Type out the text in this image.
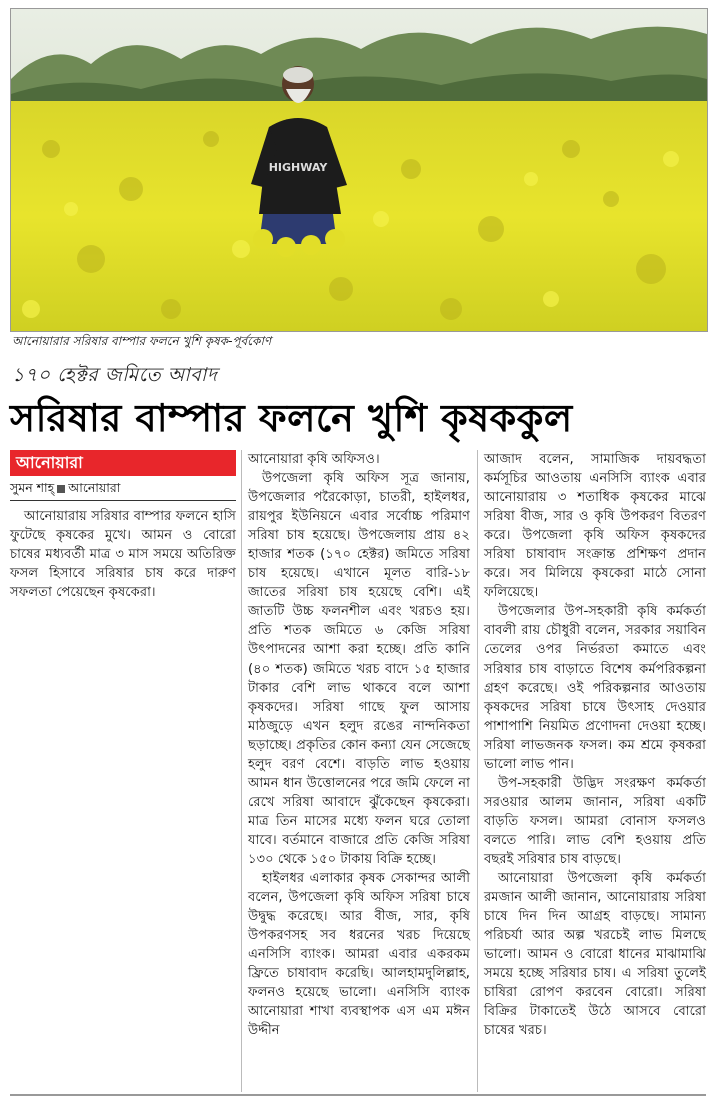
HIGHWAY
আনোয়ারার সরিষার বাম্পার ফলনে খুশি কৃষক-পূর্বকোণ
১৭০ হেক্টর জমিতে আবাদ
সরিষার বাম্পার ফলনে খুশি কৃষককুল
আনোয়ারা
সুমন শাহ্ আনোয়ারা

আনোয়ারায় সরিষার বাম্পার ফলনে হাসি ফুটেছে কৃষকের মুখে। আমন ও বোরো চাষের মধ্যবর্তী মাত্র ৩ মাস সময়ে অতিরিক্ত ফসল হিসাবে সরিষার চাষ করে দারুণ সফলতা পেয়েছেন কৃষকেরা।

আনোয়ারা কৃষি অফিসও।

উপজেলা কৃষি অফিস সূত্র জানায়, উপজেলার পরৈকোড়া, চাতরী, হাইলধর, রায়পুর ইউনিয়নে এবার সর্বোচ্চ পরিমাণ সরিষা চাষ হয়েছে। উপজেলায় প্রায় ৪২ হাজার শতক (১৭০ হেক্টর) জমিতে সরিষা চাষ হয়েছে। এখানে মূলত বারি-১৮ জাতের সরিষা চাষ হয়েছে বেশি। এই জাতটি উচ্চ ফলনশীল এবং খরচও হয়। প্রতি শতক জমিতে ৬ কেজি সরিষা উৎপাদনের আশা করা হচ্ছে। প্রতি কানি (৪০ শতক) জমিতে খরচ বাদে ১৫ হাজার টাকার বেশি লাভ থাকবে বলে আশা কৃষকদের। সরিষা গাছে ফুল আসায় মাঠজুড়ে এখন হলুদ রঙের নান্দনিকতা ছড়াচ্ছে। প্রকৃতির কোন কন্যা যেন সেজেছে হলুদ বরণ বেশে। বাড়তি লাভ হওয়ায় আমন ধান উত্তোলনের পরে জমি ফেলে না রেখে সরিষা আবাদে ঝুঁকেছেন কৃষকেরা। মাত্র তিন মাসের মধ্যে ফলন ঘরে তোলা যাবে। বর্তমানে বাজারে প্রতি কেজি সরিষা ১৩০ থেকে ১৫০ টাকায় বিক্রি হচ্ছে।

হাইলধর এলাকার কৃষক সেকান্দর আলী বলেন, উপজেলা কৃষি অফিস সরিষা চাষে উদ্বুদ্ধ করেছে। আর বীজ, সার, কৃষি উপকরণসহ সব ধরনের খরচ দিয়েছে এনসিসি ব্যাংক। আমরা এবার একরকম ফ্রিতে চাষাবাদ করেছি। আলহামদুলিল্লাহ, ফলনও হয়েছে ভালো। এনসিসি ব্যাংক আনোয়ারা শাখা ব্যবস্থাপক এস এম মঈন উদ্দীন

আজাদ বলেন, সামাজিক দায়বদ্ধতা কর্মসূচির আওতায় এনসিসি ব্যাংক এবার আনোয়ারায় ৩ শতাধিক কৃষকের মাঝে সরিষা বীজ, সার ও কৃষি উপকরণ বিতরণ করে। উপজেলা কৃষি অফিস কৃষকদের সরিষা চাষাবাদ সংক্রান্ত প্রশিক্ষণ প্রদান করে। সব মিলিয়ে কৃষকেরা মাঠে সোনা ফলিয়েছে।

উপজেলার উপ-সহকারী কৃষি কর্মকর্তা বাবলী রায় চৌধুরী বলেন, সরকার সয়াবিন তেলের ওপর নির্ভরতা কমাতে এবং সরিষার চাষ বাড়াতে বিশেষ কর্মপরিকল্পনা গ্রহণ করেছে। ওই পরিকল্পনার আওতায় কৃষকদের সরিষা চাষে উৎসাহ দেওয়ার পাশাপাশি নিয়মিত প্রণোদনা দেওয়া হচ্ছে। সরিষা লাভজনক ফসল। কম শ্রমে কৃষকরা ভালো লাভ পান।

উপ-সহকারী উদ্ভিদ সংরক্ষণ কর্মকর্তা সরওয়ার আলম জানান, সরিষা একটি বাড়তি ফসল। আমরা বোনাস ফসলও বলতে পারি। লাভ বেশি হওয়ায় প্রতি বছরই সরিষার চাষ বাড়ছে।

আনোয়ারা উপজেলা কৃষি কর্মকর্তা রমজান আলী জানান, আনোয়ারায় সরিষা চাষে দিন দিন আগ্রহ বাড়ছে। সামান্য পরিচর্যা আর অল্প খরচেই লাভ মিলছে ভালো। আমন ও বোরো ধানের মাঝামাঝি সময়ে হচ্ছে সরিষার চাষ। এ সরিষা তুলেই চাষিরা রোপণ করবেন বোরো। সরিষা বিক্রির টাকাতেই উঠে আসবে বোরো চাষের খরচ।
